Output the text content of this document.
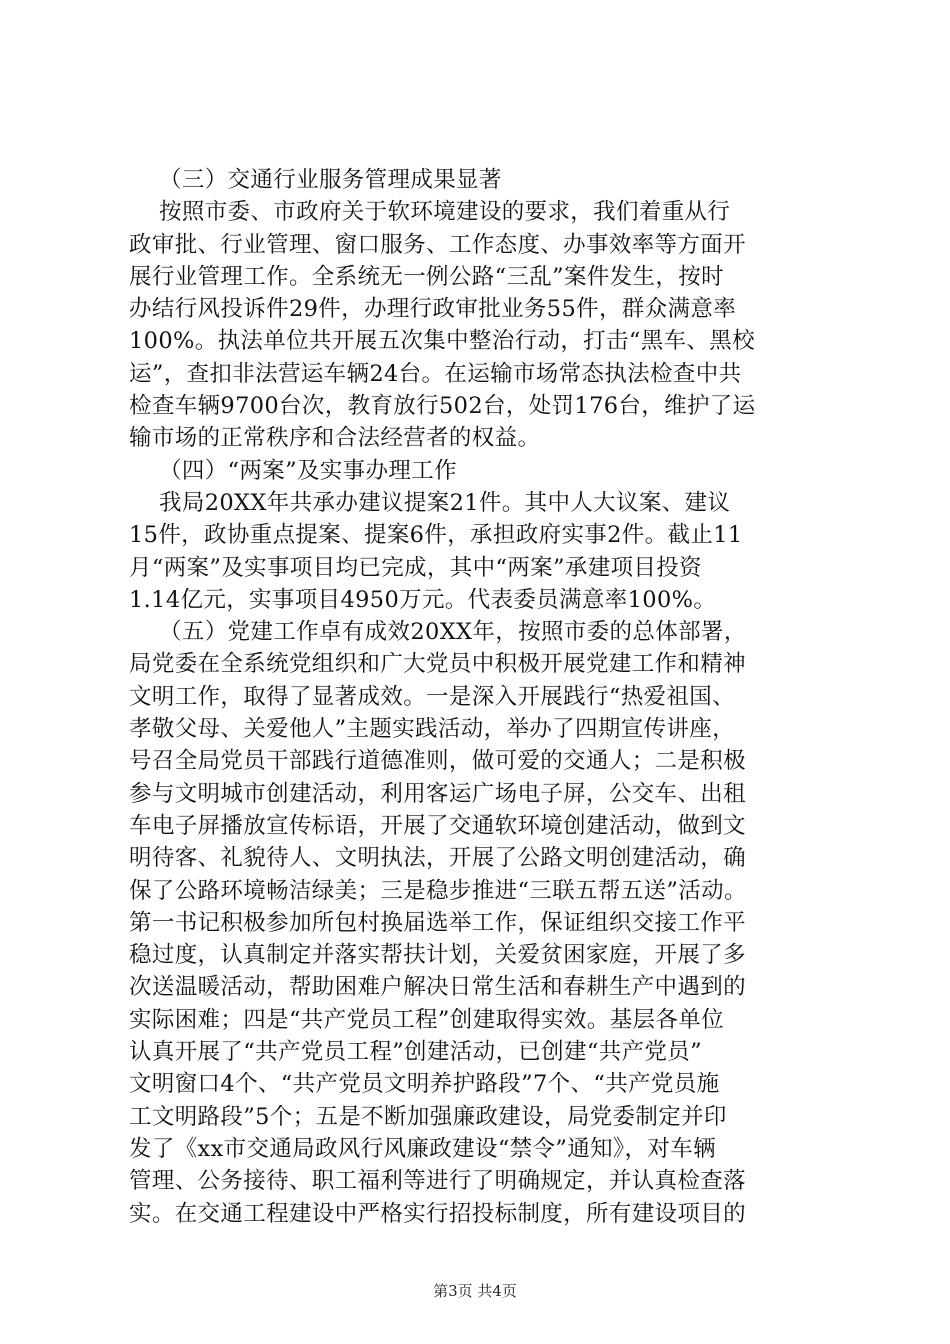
（三）交通行业服务管理成果显著
按照市委、市政府关于软环境建设的要求，我们着重从行
政审批、行业管理、窗口服务、工作态度、办事效率等方面开
展行业管理工作。全系统无一例公路“三乱”案件发生，按时
办结行风投诉件29件，办理行政审批业务55件，群众满意率
100%。执法单位共开展五次集中整治行动，打击“黑车、黑校
运”，查扣非法营运车辆24台。在运输市场常态执法检查中共
检查车辆9700台次，教育放行502台，处罚176台，维护了运
输市场的正常秩序和合法经营者的权益。
（四）“两案”及实事办理工作
我局20XX年共承办建议提案21件。其中人大议案、建议
15件，政协重点提案、提案6件，承担政府实事2件。截止11
月“两案”及实事项目均已完成，其中“两案”承建项目投资
1.14亿元，实事项目4950万元。代表委员满意率100%。
（五）党建工作卓有成效20XX年，按照市委的总体部署，
局党委在全系统党组织和广大党员中积极开展党建工作和精神
文明工作，取得了显著成效。一是深入开展践行“热爱祖国、
孝敬父母、关爱他人”主题实践活动，举办了四期宣传讲座，
号召全局党员干部践行道德准则，做可爱的交通人；二是积极
参与文明城市创建活动，利用客运广场电子屏，公交车、出租
车电子屏播放宣传标语，开展了交通软环境创建活动，做到文
明待客、礼貌待人、文明执法，开展了公路文明创建活动，确
保了公路环境畅洁绿美；三是稳步推进“三联五帮五送”活动。
第一书记积极参加所包村换届选举工作，保证组织交接工作平
稳过度，认真制定并落实帮扶计划，关爱贫困家庭，开展了多
次送温暖活动，帮助困难户解决日常生活和春耕生产中遇到的
实际困难；四是“共产党员工程”创建取得实效。基层各单位
认真开展了“共产党员工程”创建活动，已创建“共产党员”
文明窗口4个、“共产党员文明养护路段”7个、“共产党员施
工文明路段”5个；五是不断加强廉政建设，局党委制定并印
发了《xx市交通局政风行风廉政建设“禁令”通知》，对车辆
管理、公务接待、职工福利等进行了明确规定，并认真检查落
实。在交通工程建设中严格实行招投标制度，所有建设项目的
第3页 共4页
